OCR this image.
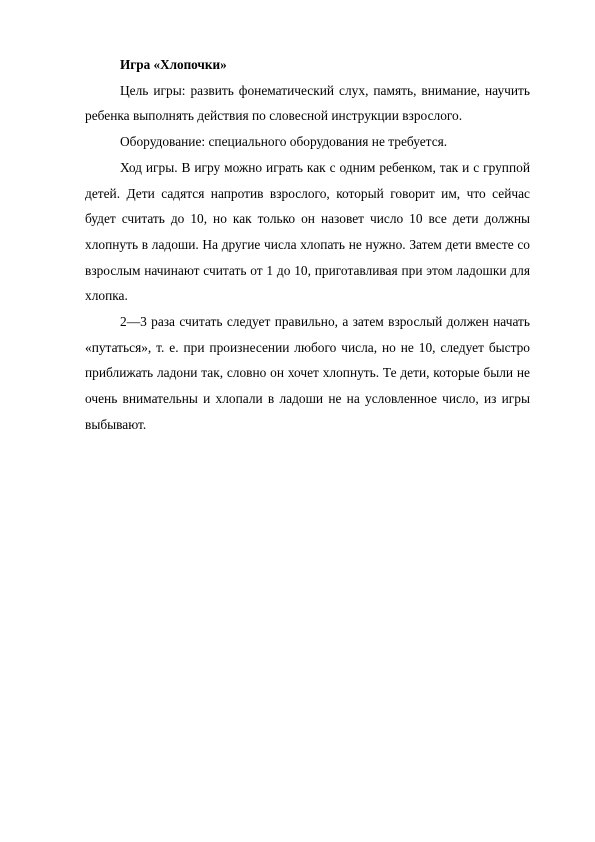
Игра «Хлопочки»

Цель игры: развить фонематический слух, память, внимание, научить ребенка выполнять действия по словесной инструкции взрослого.

Оборудование: специального оборудования не требуется.

Ход игры. В игру можно играть как с одним ребенком, так и с группой детей. Дети садятся напротив взрослого, который говорит им, что сейчас будет считать до 10, но как только он назовет число 10 все дети должны хлопнуть в ладоши. На другие числа хлопать не нужно. Затем дети вместе со взрослым начинают считать от 1 до 10, приготавливая при этом ладошки для хлопка.

2—3 раза считать следует правильно, а затем взрослый должен начать «путаться», т. е. при произнесении любого числа, но не 10, следует быстро приближать ладони так, словно он хочет хлопнуть. Те дети, которые были не очень внимательны и хлопали в ладоши не на условленное число, из игры выбывают.
